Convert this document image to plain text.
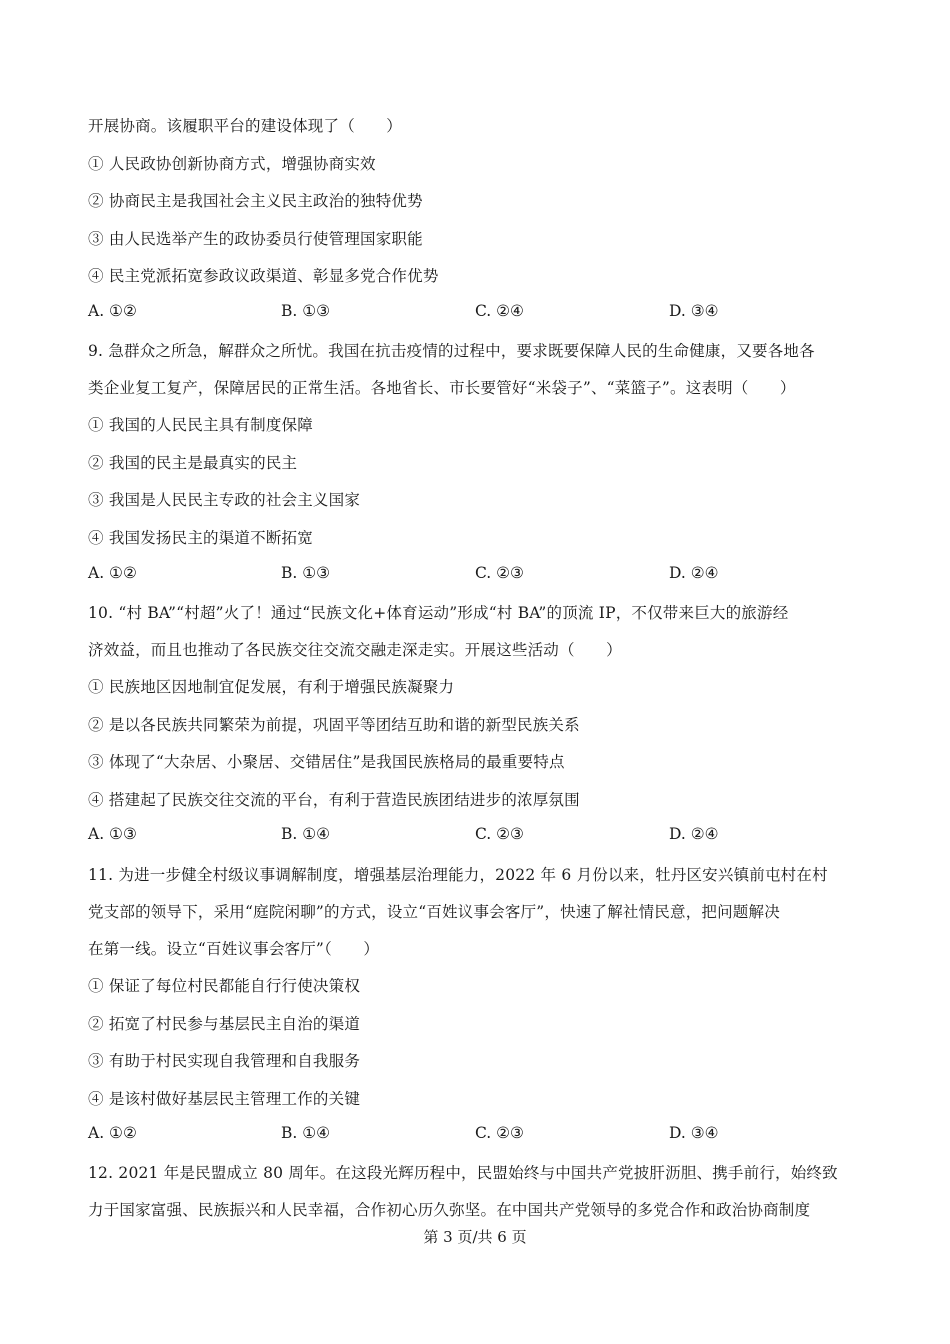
开展协商。该履职平台的建设体现了（　　）
① 人民政协创新协商方式，增强协商实效
② 协商民主是我国社会主义民主政治的独特优势
③ 由人民选举产生的政协委员行使管理国家职能
④ 民主党派拓宽参政议政渠道、彰显多党合作优势
A. ①②	B. ①③	C. ②④	D. ③④
9. 急群众之所急，解群众之所忧。我国在抗击疫情的过程中，要求既要保障人民的生命健康，又要各地各
类企业复工复产，保障居民的正常生活。各地省长、市长要管好“米袋子”、“菜篮子”。这表明（　　）
① 我国的人民民主具有制度保障
② 我国的民主是最真实的民主
③ 我国是人民民主专政的社会主义国家
④ 我国发扬民主的渠道不断拓宽
A. ①②	B. ①③	C. ②③	D. ②④
10. “村 BA”“村超”火了！通过“民族文化+体育运动”形成“村 BA”的顶流 IP，不仅带来巨大的旅游经
济效益，而且也推动了各民族交往交流交融走深走实。开展这些活动（　　）
① 民族地区因地制宜促发展，有利于增强民族凝聚力
② 是以各民族共同繁荣为前提，巩固平等团结互助和谐的新型民族关系
③ 体现了“大杂居、小聚居、交错居住”是我国民族格局的最重要特点
④ 搭建起了民族交往交流的平台，有利于营造民族团结进步的浓厚氛围
A. ①③	B. ①④	C. ②③	D. ②④
11. 为进一步健全村级议事调解制度，增强基层治理能力，2022 年 6 月份以来，牡丹区安兴镇前屯村在村
党支部的领导下，采用“庭院闲聊”的方式，设立“百姓议事会客厅”，快速了解社情民意，把问题解决
在第一线。设立“百姓议事会客厅”（　　）
① 保证了每位村民都能自行行使决策权
② 拓宽了村民参与基层民主自治的渠道
③ 有助于村民实现自我管理和自我服务
④ 是该村做好基层民主管理工作的关键
A. ①②	B. ①④	C. ②③	D. ③④
12. 2021 年是民盟成立 80 周年。在这段光辉历程中，民盟始终与中国共产党披肝沥胆、携手前行，始终致
力于国家富强、民族振兴和人民幸福，合作初心历久弥坚。在中国共产党领导的多党合作和政治协商制度
第 3 页/共 6 页
